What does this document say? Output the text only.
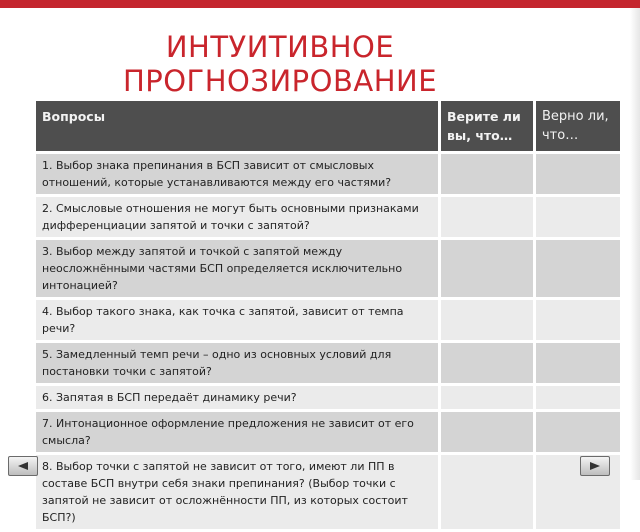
ИНТУИТИВНОЕ
ПРОГНОЗИРОВАНИЕ
Вопросы	Верите ли вы, что…	Верно ли, что…
1. Выбор знака препинания в БСП зависит от смысловых отношений, которые устанавливаются между его частями?		
2. Смысловые отношения не могут быть основными признаками дифференциации запятой и точки с запятой?		
3. Выбор между запятой и точкой с запятой между неосложнёнными частями БСП определяется исключительно интонацией?		
4. Выбор такого знака, как точка с запятой, зависит от темпа речи?		
5. Замедленный темп речи – одно из основных условий для постановки точки с запятой?		
6. Запятая в БСП передаёт динамику речи?		
7. Интонационное оформление предложения не зависит от его смысла?		
8. Выбор точки с запятой не зависит от того, имеют ли ПП в составе БСП внутри себя знаки препинания? (Выбор точки с запятой не зависит от осложнённости ПП, из которых состоит БСП?)		
